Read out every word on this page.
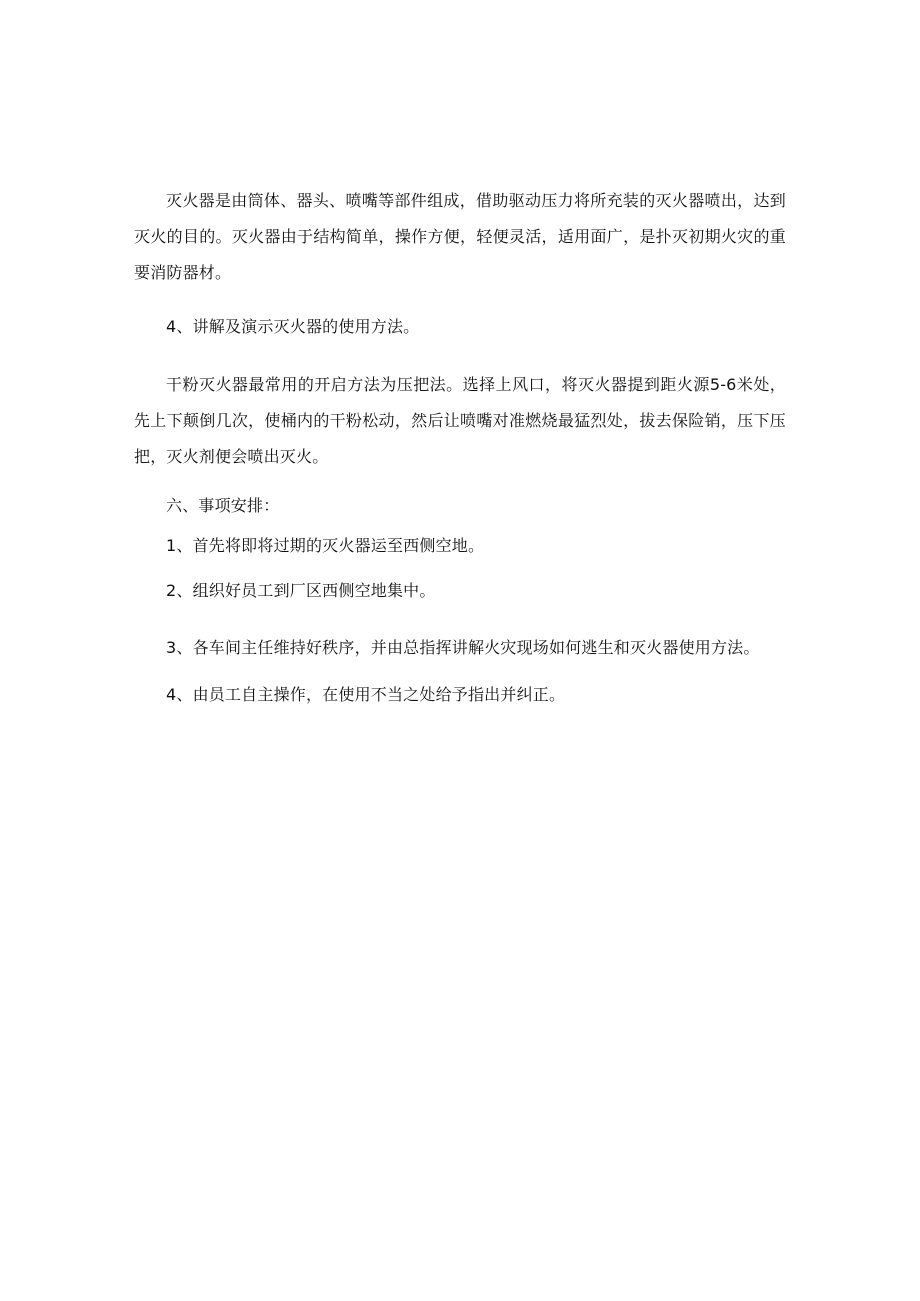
灭火器是由筒体、器头、喷嘴等部件组成，借助驱动压力将所充装的灭火器喷出，达到灭火的目的。灭火器由于结构简单，操作方便，轻便灵活，适用面广，是扑灭初期火灾的重要消防器材。

4、讲解及演示灭火器的使用方法。

干粉灭火器最常用的开启方法为压把法。选择上风口，将灭火器提到距火源5-6米处，先上下颠倒几次，使桶内的干粉松动，然后让喷嘴对准燃烧最猛烈处，拔去保险销，压下压把，灭火剂便会喷出灭火。

六、事项安排：

1、首先将即将过期的灭火器运至西侧空地。

2、组织好员工到厂区西侧空地集中。

3、各车间主任维持好秩序，并由总指挥讲解火灾现场如何逃生和灭火器使用方法。

4、由员工自主操作，在使用不当之处给予指出并纠正。
